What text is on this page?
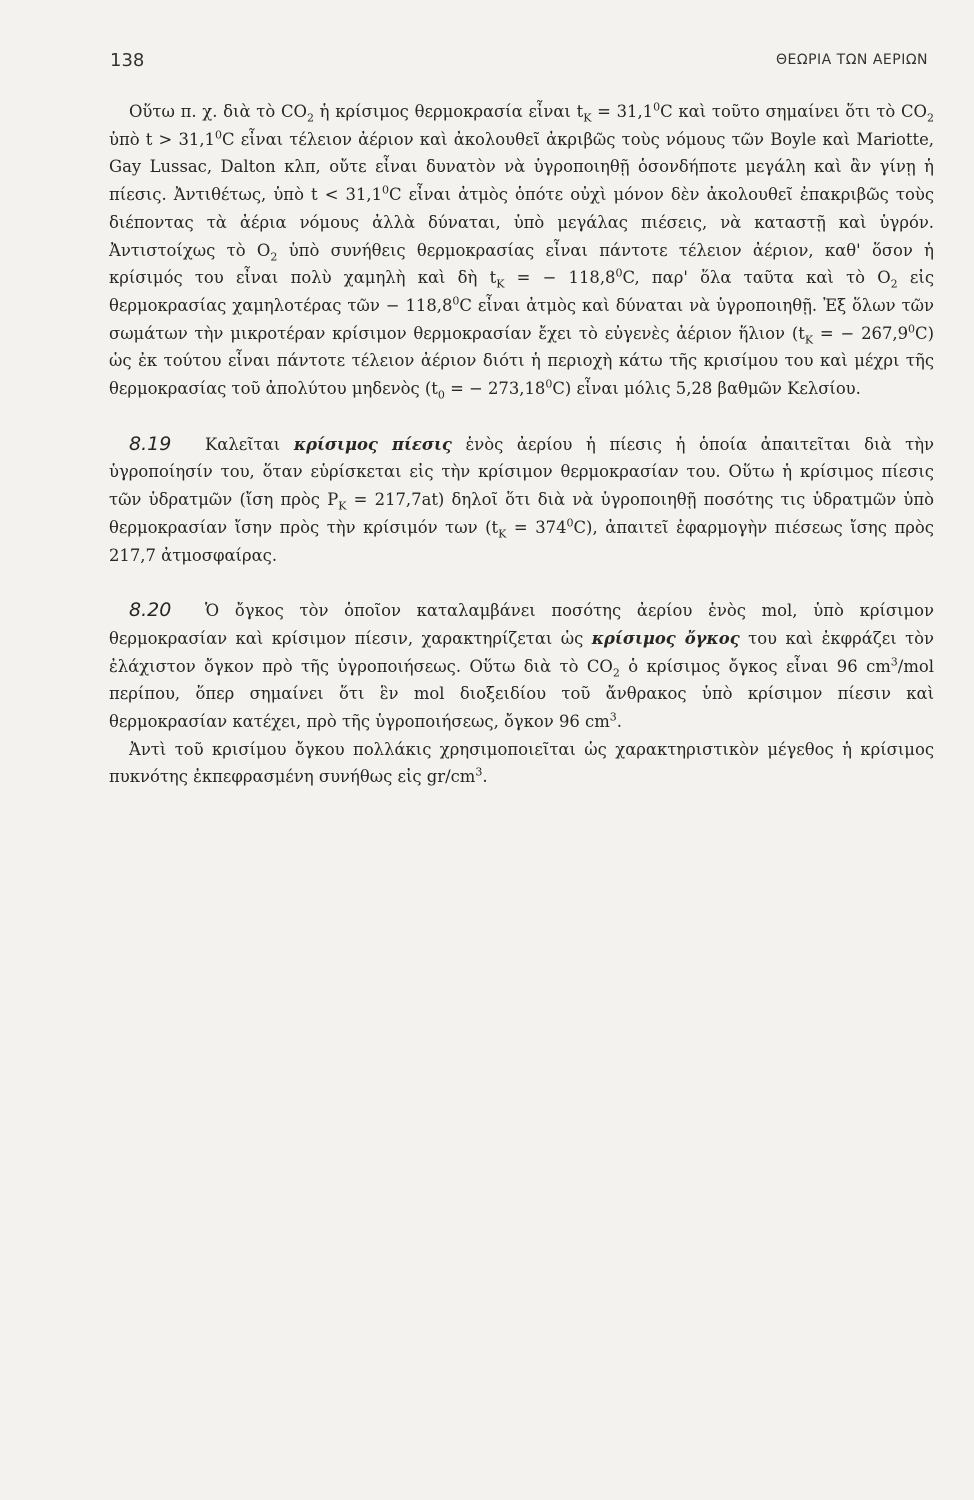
138	ΘΕΩΡΙΑ ΤΩΝ ΑΕΡΙΩΝ

Οὕτω π. χ. διὰ τὸ $CO_2$ ἡ κρίσιμος θερμοκρασία εἶναι $t_K = 31,1^0C$ καὶ τοῦτο σημαίνει ὅτι τὸ $CO_2$ ὑπὸ $t > 31,1^0C$ εἶναι τέλειον ἀέριον καὶ ἀκολουθεῖ ἀκριβῶς τοὺς νόμους τῶν Boyle καὶ Mariotte, Gay Lussac, Dalton κλπ, οὔτε εἶναι δυνατὸν νὰ ὑγροποιηθῇ ὁσονδήποτε μεγάλη καὶ ἂν γίνῃ ἡ πίεσις. Ἀντιθέτως, ὑπὸ $t < 31,1^0C$ εἶναι ἀτμὸς ὁπότε οὐχὶ μόνον δὲν ἀκολουθεῖ ἐπακριβῶς τοὺς διέποντας τὰ ἀέρια νόμους ἀλλὰ δύναται, ὑπὸ μεγάλας πιέσεις, νὰ καταστῇ καὶ ὑγρόν. Ἀντιστοίχως τὸ $O_2$ ὑπὸ συνήθεις θερμοκρασίας εἶναι πάντοτε τέλειον ἀέριον, καθ' ὅσον ἡ κρίσιμός του εἶναι πολὺ χαμηλὴ καὶ δὴ $t_K$ = − $118,8^0C$, παρ' ὅλα ταῦτα καὶ τὸ $O_2$ εἰς θερμοκρασίας χαμηλοτέρας τῶν − $118,8^0C$ εἶναι ἀτμὸς καὶ δύναται νὰ ὑγροποιηθῇ. Ἐξ ὅλων τῶν σωμάτων τὴν μικροτέραν κρίσιμον θερμοκρασίαν ἔχει τὸ εὐγενὲς ἀέριον ἥλιον ($t_K$ = − $267,9^0C$) ὡς ἐκ τούτου εἶναι πάντοτε τέλειον ἀέριον διότι ἡ περιοχὴ κάτω τῆς κρισίμου του καὶ μέχρι τῆς θερμοκρασίας τοῦ ἀπολύτου μηδενὸς ($t_0$ = − $273,18^0C$) εἶναι μόλις 5,28 βαθμῶν Κελσίου.

8.19 Καλεῖται κρίσιμος πίεσις ἑνὸς ἀερίου ἡ πίεσις ἡ ὁποία ἀπαιτεῖται διὰ τὴν ὑγροποίησίν του, ὅταν εὑρίσκεται εἰς τὴν κρίσιμον θερμοκρασίαν του. Οὕτω ἡ κρίσιμος πίεσις τῶν ὑδρατμῶν (ἴση πρὸς $P_K = 217,7at$) δηλοῖ ὅτι διὰ νὰ ὑγροποιηθῇ ποσότης τις ὑδρατμῶν ὑπὸ θερμοκρασίαν ἴσην πρὸς τὴν κρίσιμόν των $(t_K = 374^0C)$, ἀπαιτεῖ ἐφαρμογὴν πιέσεως ἴσης πρὸς 217,7 ἀτμοσφαίρας.

8.20 Ὁ ὄγκος τὸν ὁποῖον καταλαμβάνει ποσότης ἀερίου ἑνὸς mol, ὑπὸ κρίσιμον θερμοκρασίαν καὶ κρίσιμον πίεσιν, χαρακτηρίζεται ὡς κρίσιμος ὄγκος του καὶ ἐκφράζει τὸν ἐλάχιστον ὄγκον πρὸ τῆς ὑγροποιήσεως. Οὕτω διὰ τὸ $CO_2$ ὁ κρίσιμος ὄγκος εἶναι 96 $cm^3$/mol περίπου, ὅπερ σημαίνει ὅτι ἓν mol διοξειδίου τοῦ ἄνθρακος ὑπὸ κρίσιμον πίεσιν καὶ θερμοκρασίαν κατέχει, πρὸ τῆς ὑγροποιήσεως, ὄγκον 96 $cm^3$.

Ἀντὶ τοῦ κρισίμου ὄγκου πολλάκις χρησιμοποιεῖται ὡς χαρακτηριστικὸν μέγεθος ἡ κρίσιμος πυκνότης ἐκπεφρασμένη συνήθως εἰς $gr/cm^3$.
